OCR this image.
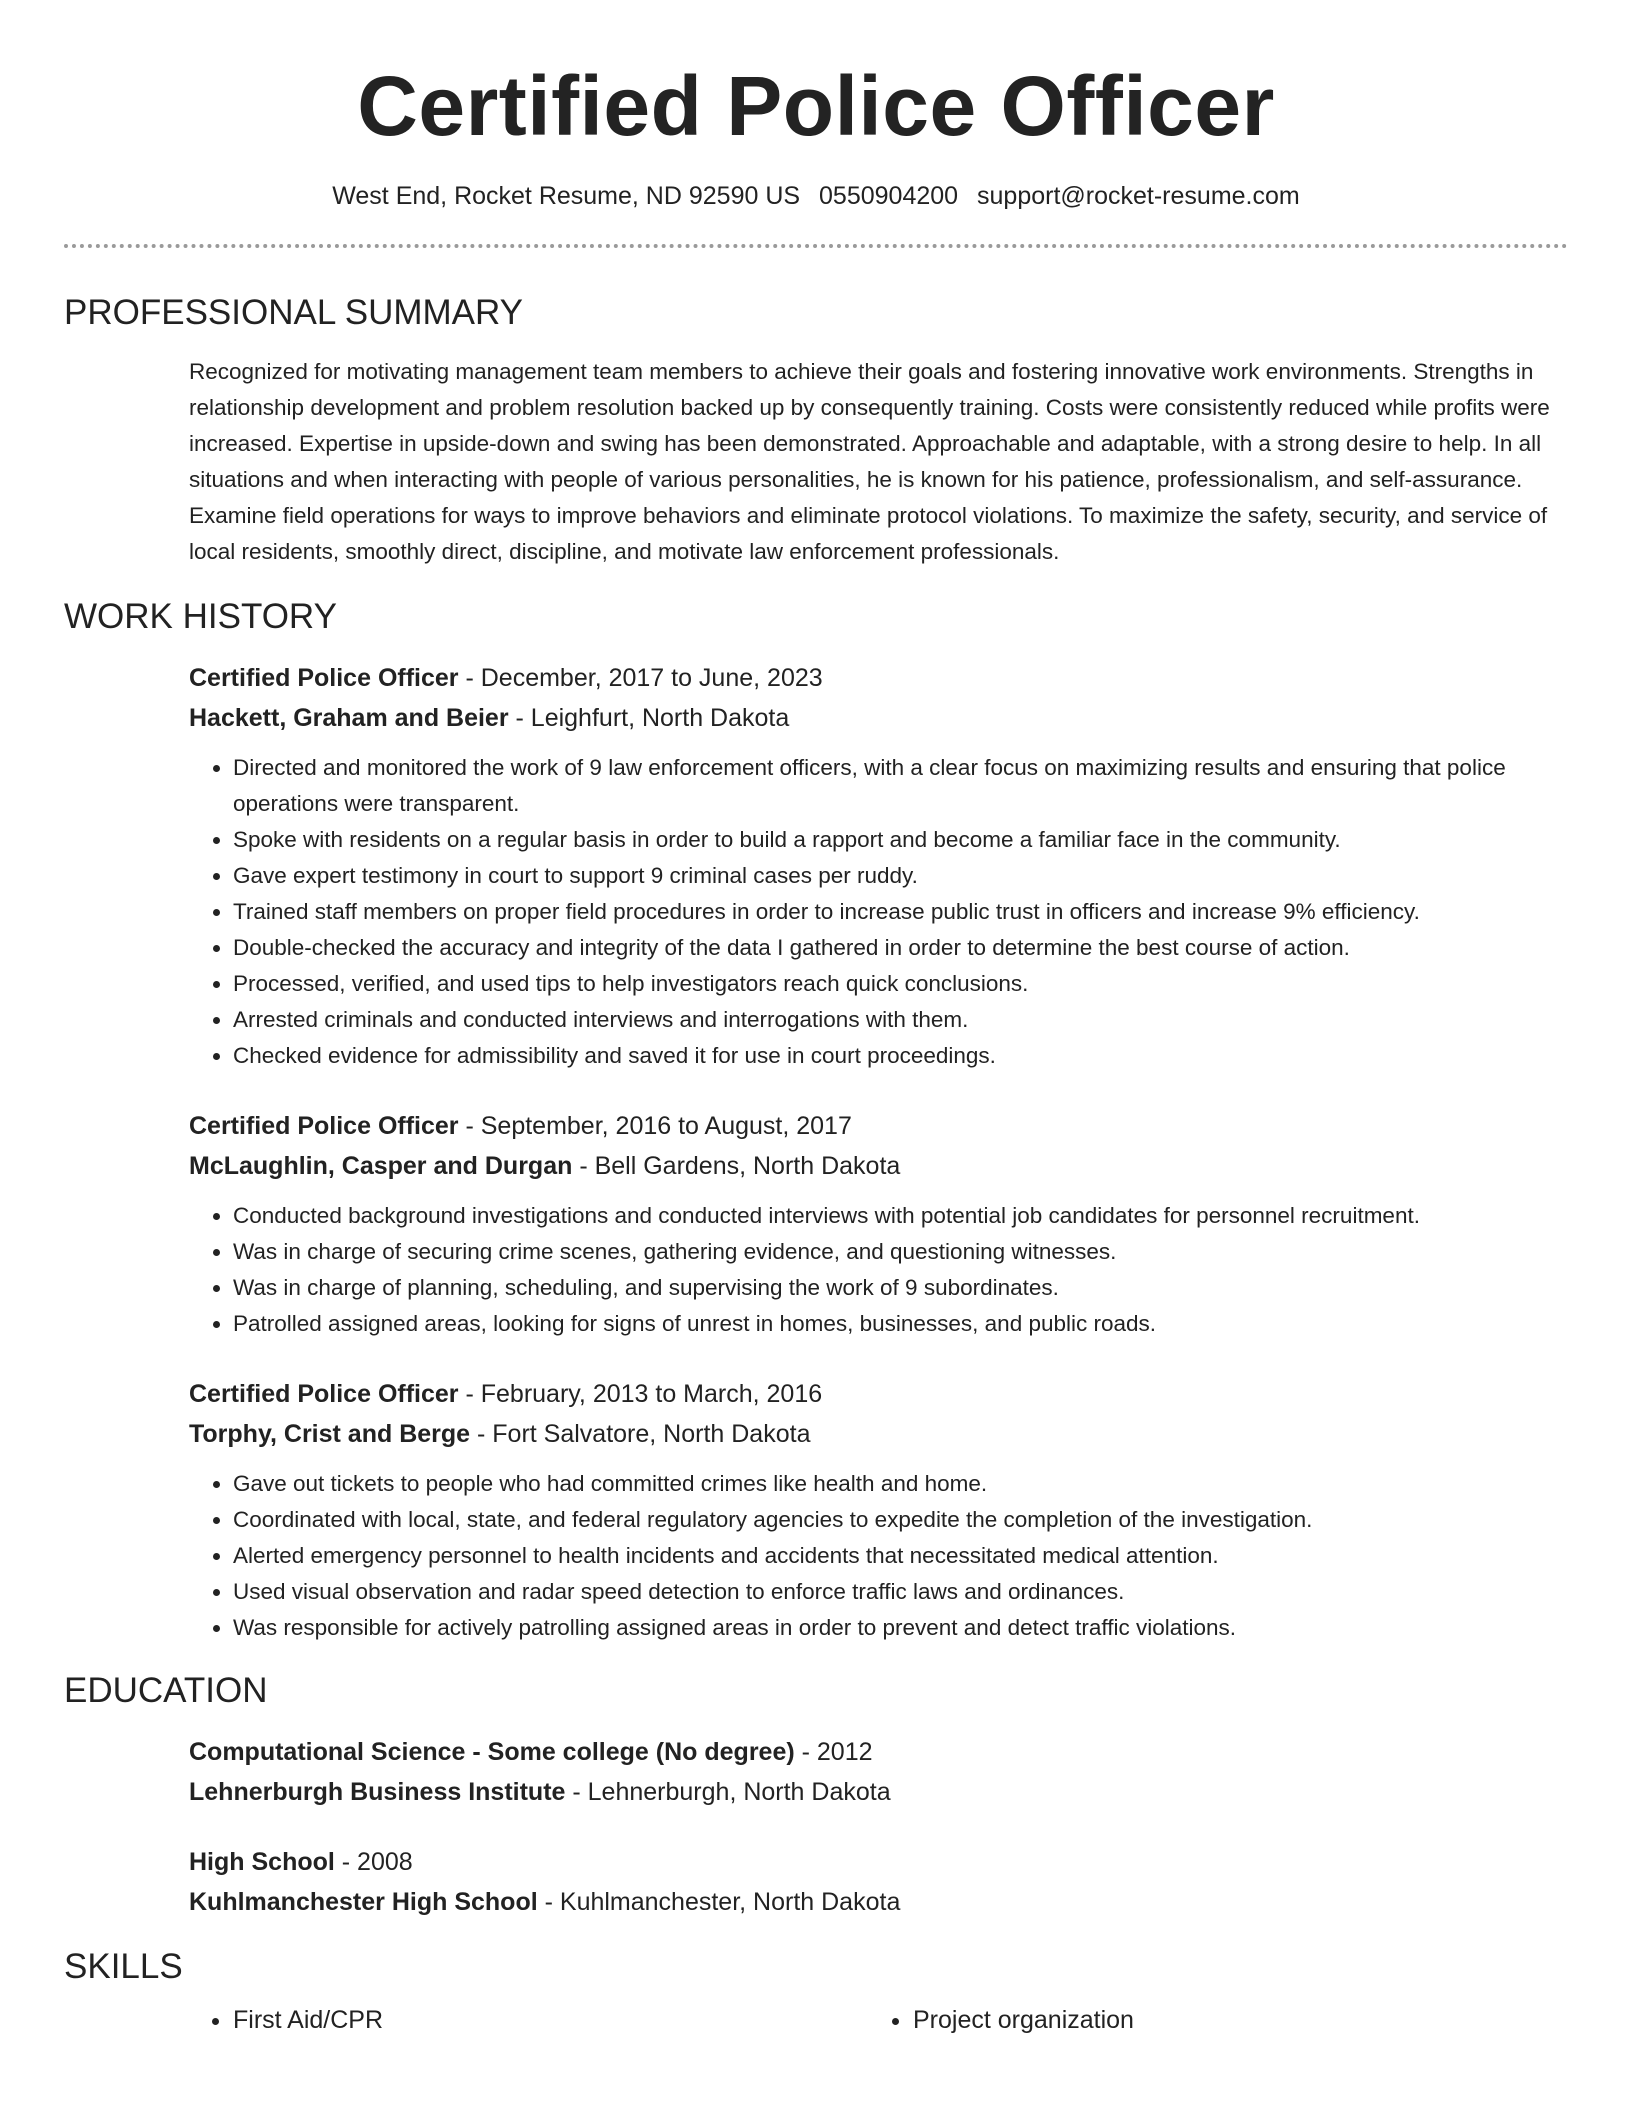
Certified Police Officer
West End, Rocket Resume, ND 92590 US 0550904200 support@rocket-resume.com
PROFESSIONAL SUMMARY

Recognized for motivating management team members to achieve their goals and fostering innovative work environments. Strengths in relationship development and problem resolution backed up by consequently training. Costs were consistently reduced while profits were increased. Expertise in upside-down and swing has been demonstrated. Approachable and adaptable, with a strong desire to help. In all situations and when interacting with people of various personalities, he is known for his patience, professionalism, and self-assurance. Examine field operations for ways to improve behaviors and eliminate protocol violations. To maximize the safety, security, and service of local residents, smoothly direct, discipline, and motivate law enforcement professionals.

WORK HISTORY

Certified Police Officer - December, 2017 to June, 2023

Hackett, Graham and Beier - Leighfurt, North Dakota

• Directed and monitored the work of 9 law enforcement officers, with a clear focus on maximizing results and ensuring that police operations were transparent.
• Spoke with residents on a regular basis in order to build a rapport and become a familiar face in the community.
• Gave expert testimony in court to support 9 criminal cases per ruddy.
• Trained staff members on proper field procedures in order to increase public trust in officers and increase 9% efficiency.
• Double-checked the accuracy and integrity of the data I gathered in order to determine the best course of action.
• Processed, verified, and used tips to help investigators reach quick conclusions.
• Arrested criminals and conducted interviews and interrogations with them.
• Checked evidence for admissibility and saved it for use in court proceedings.

Certified Police Officer - September, 2016 to August, 2017

McLaughlin, Casper and Durgan - Bell Gardens, North Dakota

• Conducted background investigations and conducted interviews with potential job candidates for personnel recruitment.
• Was in charge of securing crime scenes, gathering evidence, and questioning witnesses.
• Was in charge of planning, scheduling, and supervising the work of 9 subordinates.
• Patrolled assigned areas, looking for signs of unrest in homes, businesses, and public roads.

Certified Police Officer - February, 2013 to March, 2016

Torphy, Crist and Berge - Fort Salvatore, North Dakota

• Gave out tickets to people who had committed crimes like health and home.
• Coordinated with local, state, and federal regulatory agencies to expedite the completion of the investigation.
• Alerted emergency personnel to health incidents and accidents that necessitated medical attention.
• Used visual observation and radar speed detection to enforce traffic laws and ordinances.
• Was responsible for actively patrolling assigned areas in order to prevent and detect traffic violations.
EDUCATION

Computational Science - Some college (No degree) - 2012

Lehnerburgh Business Institute - Lehnerburgh, North Dakota

High School - 2008

Kuhlmanchester High School - Kuhlmanchester, North Dakota

SKILLS
• First Aid/CPR
•	Project organization
